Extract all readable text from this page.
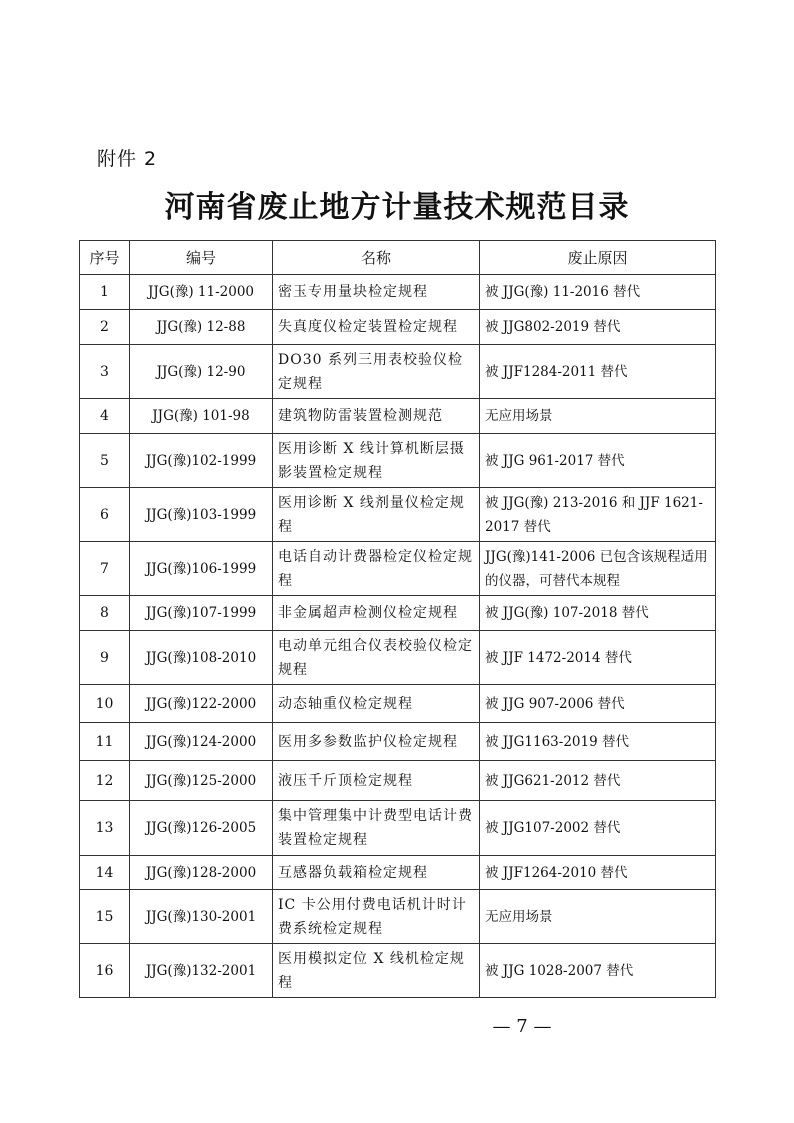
附件 2
河南省废止地方计量技术规范目录
序号	编号	名称	废止原因
1	JJG(豫) 11-2000	密玉专用量块检定规程	被 JJG(豫) 11-2016 替代
2	JJG(豫) 12-88	失真度仪检定装置检定规程	被 JJG802-2019 替代
3	JJG(豫) 12-90	DO30 系列三用表校验仪检定规程	被 JJF1284-2011 替代
4	JJG(豫) 101-98	建筑物防雷装置检测规范	无应用场景
5	JJG(豫)102-1999	医用诊断 X 线计算机断层摄影装置检定规程	被 JJG 961-2017 替代
6	JJG(豫)103-1999	医用诊断 X 线剂量仪检定规程	被 JJG(豫) 213-2016 和 JJF 1621-2017 替代
7	JJG(豫)106-1999	电话自动计费器检定仪检定规程	JJG(豫)141-2006 已包含该规程适用的仪器，可替代本规程
8	JJG(豫)107-1999	非金属超声检测仪检定规程	被 JJG(豫) 107-2018 替代
9	JJG(豫)108-2010	电动单元组合仪表校验仪检定规程	被 JJF 1472-2014 替代
10	JJG(豫)122-2000	动态轴重仪检定规程	被 JJG 907-2006 替代
11	JJG(豫)124-2000	医用多参数监护仪检定规程	被 JJG1163-2019 替代
12	JJG(豫)125-2000	液压千斤顶检定规程	被 JJG621-2012 替代
13	JJG(豫)126-2005	集中管理集中计费型电话计费装置检定规程	被 JJG107-2002 替代
14	JJG(豫)128-2000	互感器负载箱检定规程	被 JJF1264-2010 替代
15	JJG(豫)130-2001	IC 卡公用付费电话机计时计费系统检定规程	无应用场景
16	JJG(豫)132-2001	医用模拟定位 X 线机检定规程	被 JJG 1028-2007 替代
— 7 —
